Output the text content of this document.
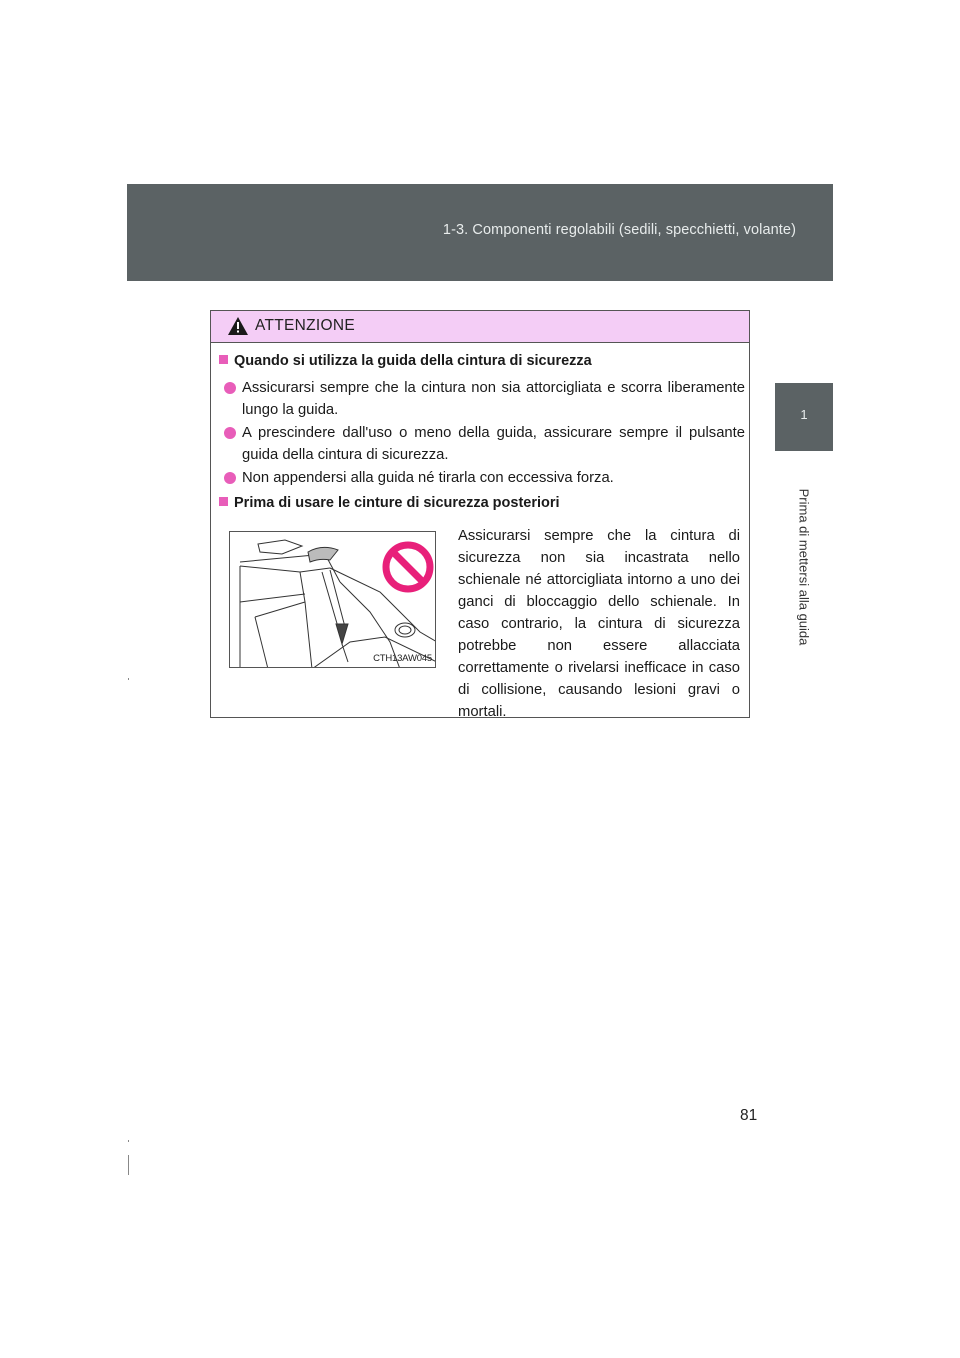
1-3. Componenti regolabili (sedili, specchietti, volante)
1
Prima di mettersi alla guida
ATTENZIONE
Quando si utilizza la guida della cintura di sicurezza
Assicurarsi sempre che la cintura non sia attorcigliata e scorra liberamente lungo la guida.
A prescindere dall'uso o meno della guida, assicurare sempre il pulsante guida della cintura di sicurezza.
Non appendersi alla guida né tirarla con eccessiva forza.
Prima di usare le cinture di sicurezza posteriori
CTH13AW045
Assicurarsi sempre che la cintura di sicurezza non sia incastrata nello schienale né attorcigliata intorno a uno dei ganci di bloccaggio dello schienale. In caso contrario, la cintura di sicurezza potrebbe non essere allacciata correttamente o rivelarsi inefficace in caso di collisione, causando lesioni gravi o mortali.
81
